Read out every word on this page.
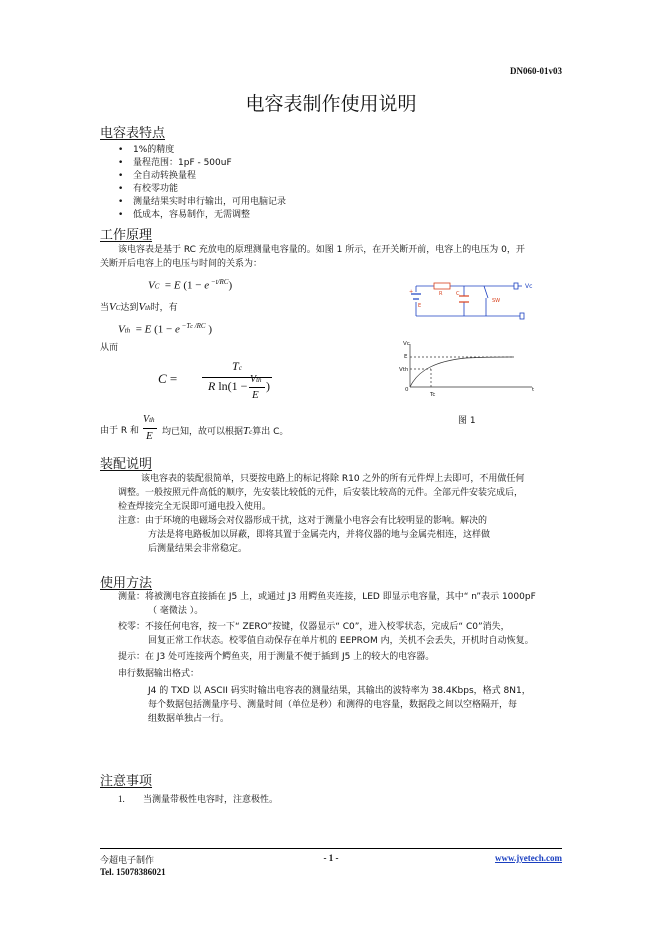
DN060-01v03
电容表制作使用说明
电容表特点
• 1%的精度
• 量程范围：1pF - 500uF
• 全自动转换量程
• 有校零功能
• 测量结果实时串行输出，可用电脑记录
• 低成本，容易制作，无需调整
工作原理
该电容表是基于 RC 充放电的原理测量电容量的。如图 1 所示，在开关断开前，电容上的电压为 0，开
关断开后电容上的电压与时间的关系为：
VC = E (1 − e $^{-t/RC}$)
当VC达到Vth时，有
Vth = E (1 − e $^{-Tc /RC}$ )
从而
C =
Tc
R ln(1 − Vth
E
)
由于 R 和
Vth
E 均已知，故可以根据Tc算出 C。
+	R	C
E
SW
Vc
Vc
E
Vth
0
Tc
t
图 1
装配说明
该电容表的装配很简单，只要按电路上的标记将除 R10 之外的所有元件焊上去即可，不用做任何
调整。一般按照元件高低的顺序，先安装比较低的元件，后安装比较高的元件。全部元件安装完成后，
检查焊接完全无误即可通电投入使用。
注意：由于环境的电磁场会对仪器形成干扰，这对于测量小电容会有比较明显的影响。解决的
方法是将电路板加以屏蔽，即将其置于金属壳内，并将仪器的地与金属壳相连，这样做
后测量结果会非常稳定。
使用方法
测量：将被测电容直接插在 J5 上，或通过 J3 用鳄鱼夹连接，LED 即显示电容量，其中“ n”表示 1000pF
（ 毫微法 ）。
校零：不接任何电容，按一下“ ZERO”按键，仪器显示“ C0”，进入校零状态，完成后“ C0”消失，
回复正常工作状态。校零值自动保存在单片机的 EEPROM 内，关机不会丢失，开机时自动恢复。
提示：在 J3 处可连接两个鳄鱼夹，用于测量不便于插到 J5 上的较大的电容器。
串行数据输出格式：
J4 的 TXD 以 ASCII 码实时输出电容表的测量结果，其输出的波特率为 38.4Kbps，格式 8N1，
每个数据包括测量序号、测量时间（单位是秒）和测得的电容量，数据段之间以空格隔开，每
组数据单独占一行。
注意事项
1. 当测量带极性电容时，注意极性。
今超电子制作	- 1 -	www.jyetech.com
Tel. 15078386021
